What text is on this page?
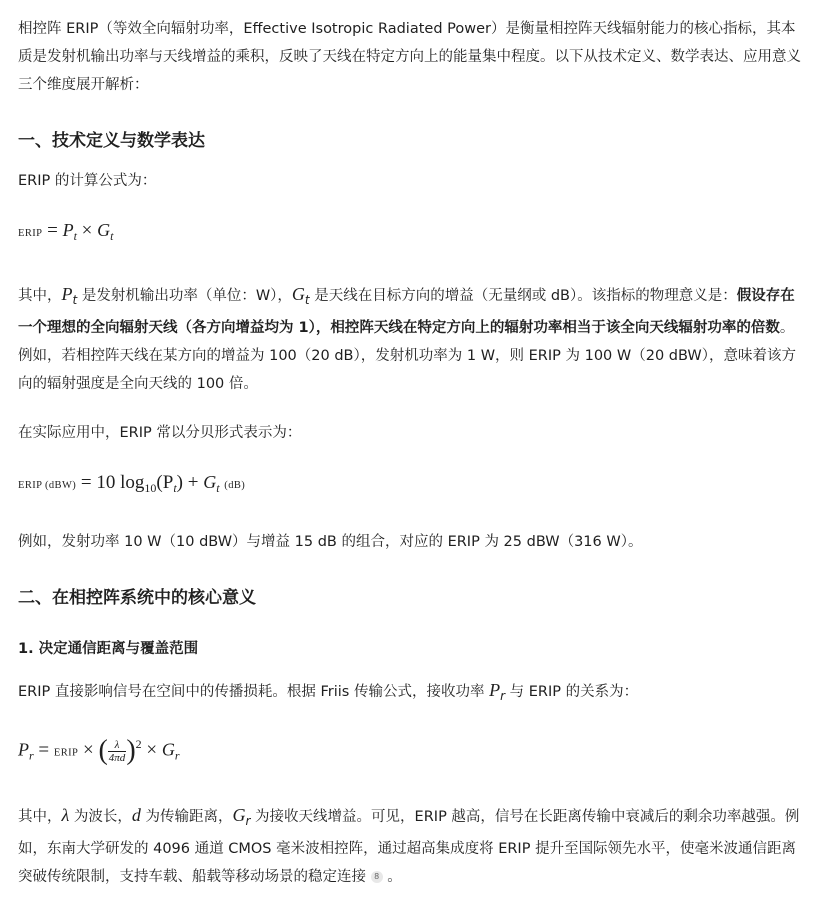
相控阵 ERIP（等效全向辐射功率，Effective Isotropic Radiated Power）是衡量相控阵天线辐射能力的核心指标，其本质是发射机输出功率与天线增益的乘积，反映了天线在特定方向上的能量集中程度。以下从技术定义、数学表达、应用意义三个维度展开解析：

一、技术定义与数学表达

ERIP 的计算公式为：

ERIP = $P_t \times G_t$

其中，$P_t$ 是发射机输出功率（单位：W），$G_t$ 是天线在目标方向的增益（无量纲或 dB）。该指标的物理意义是：假设存在一个理想的全向辐射天线（各方向增益均为 1），相控阵天线在特定方向上的辐射功率相当于该全向天线辐射功率的倍数。例如，若相控阵天线在某方向的增益为 100（20 dB），发射机功率为 1 W，则 ERIP 为 100 W（20 dBW），意味着该方向的辐射强度是全向天线的 100 倍。

在实际应用中，ERIP 常以分贝形式表示为：

ERIP (dBW) = 10 $\log_{10}(P_t) + G_t$ (dB)

例如，发射功率 10 W（10 dBW）与增益 15 dB 的组合，对应的 ERIP 为 25 dBW（316 W）。

二、在相控阵系统中的核心意义
1. 决定通信距离与覆盖范围

ERIP 直接影响信号在空间中的传播损耗。根据 Friis 传输公式，接收功率 $P_r$ 与 ERIP 的关系为：

$P_r$ = ERIP × ( $\frac{\lambda}{4\pi d} )^2 \times G_r$

其中，λ 为波长，d 为传输距离，$G_r$ 为接收天线增益。可见，ERIP 越高，信号在长距离传输中衰减后的剩余功率越强。例如，东南大学研发的 4096 通道 CMOS 毫米波相控阵，通过超高集成度将 ERIP 提升至国际领先水平，使毫米波通信距离突破传统限制，支持车载、船载等移动场景的稳定连接 8 。
